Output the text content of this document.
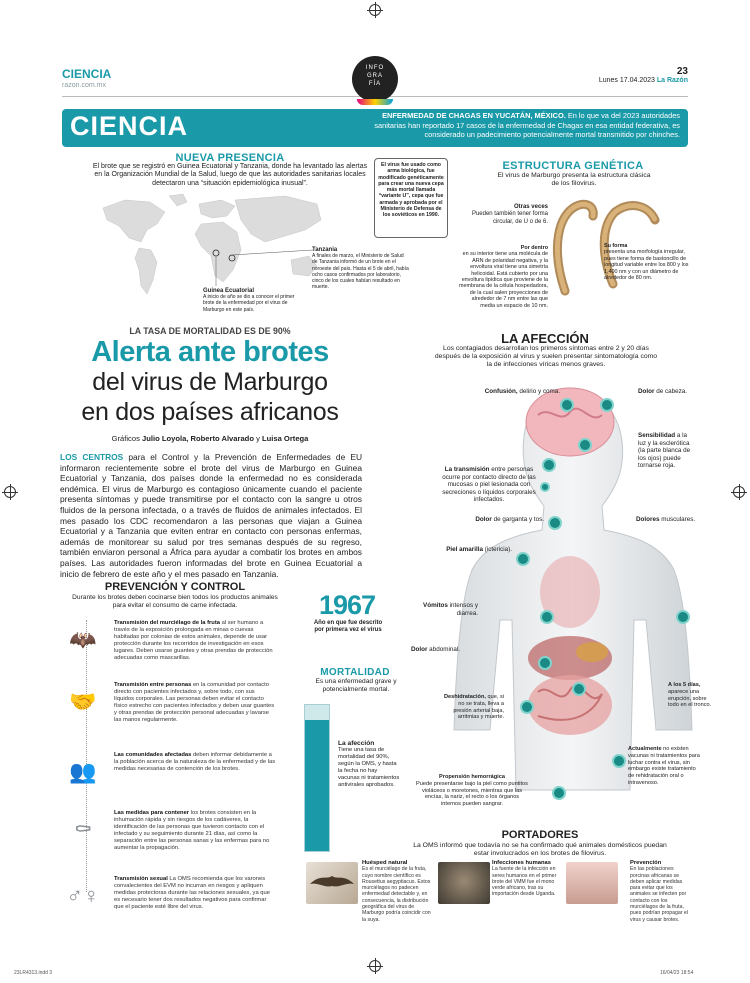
CIENCIA
razon.com.mx
INFO
GRA
FÍA
23
Lunes 17.04.2023 La Razón
CIENCIA	ENFERMEDAD DE CHAGAS EN YUCATÁN, MÉXICO. En lo que va del 2023 autoridades sanitarias han reportado 17 casos de la enfermedad de Chagas en esa entidad federativa, es considerado un padecimiento potencialmente mortal transmitido por chinches.
NUEVA PRESENCIA
El brote que se registró en Guinea Ecuatorial y Tanzania, donde ha levantado las alertas en la Organización Mundial de la Salud, luego de que las autoridades sanitarias locales detectaron una “situación epidemiológica inusual”.
Tanzania
A finales de marzo, el Ministerio de Salud de Tanzania informó de un brote en el noroeste del país. Hasta el 5 de abril, había ocho casos confirmados por laboratorio, cinco de los cuales habían resultado en muerte.
Guinea Ecuatorial
A inicio de año se dio a conocer el primer brote de la enfermedad por el virus de Marburgo en este país.
El virus fue usado como arma biológica, fue modificado genéticamente para crear una nueva cepa más mortal llamada “variante U”, cepa que fue armada y aprobada por el Ministerio de Defensa de los soviéticos en 1990.
ESTRUCTURA GENÉTICA
El virus de Marburgo presenta la estructura clásica de los filovirus.
Otras veces
Pueden también tener forma circular, de U o de 6.
Por dentro
en su interior tiene una molécula de ARN de polaridad negativa, y la envoltura viral tiene una simetría helicoidal. Está cubierto por una envoltura lipídica que proviene de la membrana de la célula hospedadora, de la cual salen proyecciones de alrededor de 7 nm entre las que media un espacio de 10 nm.
Su forma
presenta una morfología irregular, pues tiene forma de bastoncillo de longitud variable entre los 800 y los 1,400 nm y con un diámetro de alrededor de 80 nm.
LA TASA DE MORTALIDAD ES DE 90%
Alerta ante brotes
del virus de Marburgo
en dos países africanos
Gráficos Julio Loyola, Roberto Alvarado y Luisa Ortega
LOS CENTROS para el Control y la Prevención de Enfermedades de EU informaron recientemente sobre el brote del virus de Marburgo en Guinea Ecuatorial y Tanzania, dos países donde la enfermedad no es considerada endémica. El virus de Marburgo es contagioso únicamente cuando el paciente presenta síntomas y puede transmitirse por el contacto con la sangre u otros fluidos de la persona infectada, o a través de fluidos de animales infectados. El mes pasado los CDC recomendaron a las personas que viajan a Guinea Ecuatorial y a Tanzania que eviten entrar en contacto con personas enfermas, además de monitorear su salud por tres semanas después de su regreso, también enviaron personal a África para ayudar a combatir los brotes en ambos países. Las autoridades fueron informadas del brote en Guinea Ecuatorial a inicio de febrero de este año y el mes pasado en Tanzania.
PREVENCIÓN Y CONTROL
Durante los brotes deben cocinarse bien todos los productos animales para evitar el consumo de carne infectada.
🦇
Transmisión del murciélago de la fruta al ser humano a través de la exposición prolongada en minas o cuevas habitadas por colonias de estos animales, depende de usar protección durante los recorridos de investigación en esos lugares. Deben usarse guantes y otras prendas de protección adecuadas como mascarillas.
🤝
Transmisión entre personas en la comunidad por contacto directo con pacientes infectados y, sobre todo, con sus líquidos corporales. Las personas deben evitar el contacto físico estrecho con pacientes infectados y deben usar guantes y otras prendas de protección personal adecuadas y lavarse las manos regularmente.
👥
Las comunidades afectadas deben informar debidamente a la población acerca de la naturaleza de la enfermedad y de las medidas necesarias de contención de los brotes.
⚰
Las medidas para contener los brotes consisten en la inhumación rápida y sin riesgos de los cadáveres, la identificación de las personas que tuvieron contacto con el infectado y su seguimiento durante 21 días, así como la separación entre las personas sanas y las enfermas para no aumentar la propagación.
♂♀
Transmisión sexual La OMS recomienda que los varones convalecientes del EVM no incurran en riesgos y apliquen medidas protectoras durante las relaciones sexuales, ya que es necesario tener dos resultados negativos para confirmar que el paciente esté libre del virus.
1967
Año en que fue descrito por primera vez el virus
MORTALIDAD
Es una enfermedad grave y potencialmente mortal.
La afección
Tiene una tasa de mortalidad del 90%, según la OMS, y hasta la fecha no hay vacunas ni tratamientos antivirales aprobados.
LA AFECCIÓN
Los contagiados desarrollan los primeros síntomas entre 2 y 20 días después de la exposición al virus y suelen presentar sintomatología como la de infecciones víricas menos graves.
Confusión, delirio y coma.	Dolor de cabeza.
Sensibilidad a la luz y la esclerótica (la parte blanca de los ojos) puede tornarse roja.
La transmisión entre personas ocurre por contacto directo de las mucosas o piel lesionada con secreciones o líquidos corporales infectados.
Dolor de garganta y tos.	Dolores musculares.
Piel amarilla (ictericia).
Vómitos intensos y diarrea.
Dolor abdominal.
Deshidratación, que, si no se trata, lleva a presión arterial baja, arritmias y muerte.
A los 5 días, aparece una erupción, sobre todo en el tronco.
Actualmente no existen vacunas ni tratamientos para luchar contra el virus, sin embargo existe tratamiento de rehidratación oral o intravenoso.
Propensión hemorrágica
Puede presentarse bajo la piel como puntitos violáceos o moretones, mientras que las encías, la nariz, el recto o los órganos internos pueden sangrar.
PORTADORES
La OMS informó que todavía no se ha confirmado qué animales domésticos puedan estar involucrados en los brotes de filovirus.
Huésped natural
Es el murciélago de la fruta, cuyo nombre científico es Rousettus aegyptiacus. Estos murciélagos no padecen enfermedad detectable y, en consecuencia, la distribución geográfica del virus de Marburgo podría coincidir con la suya.
Infecciones humanas
La fuente de la infección en seres humanos en el primer brote del VMM fue el mono verde africano, tras su importación desde Uganda.
Prevención
En las poblaciones porcinas africanas se deben aplicar medidas para evitar que los animales se infecten por contacto con los murciélagos de la fruta, pues podrían propagar el virus y causar brotes.
23LR4313.indd 3	16/04/23 18:54
